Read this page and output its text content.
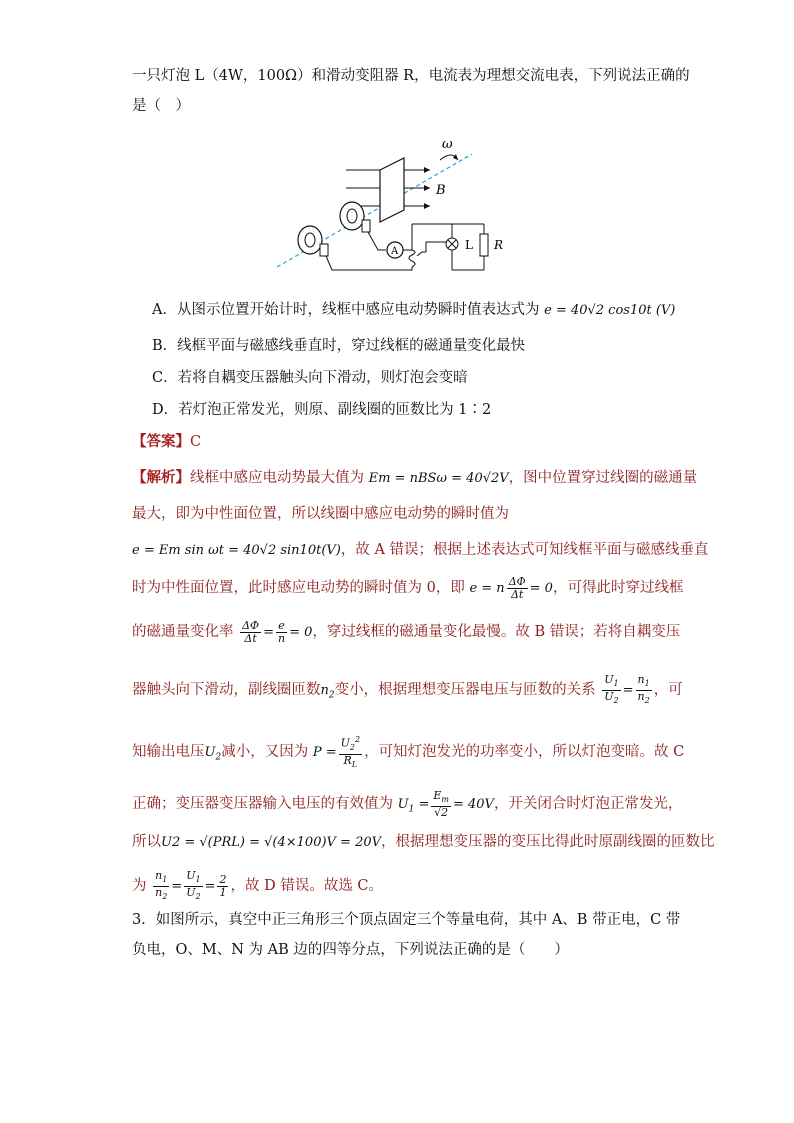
一只灯泡 L（4W，100Ω）和滑动变阻器 R，电流表为理想交流电表，下列说法正确的
是（　）
ω
B
A	L R
A．从图示位置开始计时，线框中感应电动势瞬时值表达式为 e = 40√2 cos10t (V)
B．线框平面与磁感线垂直时，穿过线框的磁通量变化最快
C．若将自耦变压器触头向下滑动，则灯泡会变暗
D．若灯泡正常发光，则原、副线圈的匝数比为 1∶2
【答案】C
【解析】线框中感应电动势最大值为 Em = nBSω = 40√2V，图中位置穿过线圈的磁通量
最大，即为中性面位置，所以线圈中感应电动势的瞬时值为
e = Em sin ωt = 40√2 sin10t(V)，故 A 错误；根据上述表达式可知线框平面与磁感线垂直
时为中性面位置，此时感应电动势的瞬时值为 0，即 e = n $\frac{\Delta\Phi}{\Delta t} = 0$，可得此时穿过线框
的磁通量变化率 $\frac{\Delta\Phi}{\Delta t} = \frac{e}{n} = 0$，穿过线框的磁通量变化最慢。故 B 错误；若将自耦变压
器触头向下滑动，副线圈匝数$n_2$变小，根据理想变压器电压与匝数的关系 $\frac{U_1}{U_2} = \frac{n_1}{n_2}$ ，可
知输出电压$U_2$减小，又因为 $P = \frac{U_2^2}{R_L}$ ，可知灯泡发光的功率变小，所以灯泡变暗。故 C
正确；变压器变压器输入电压的有效值为 $U_1 = \frac{E_m}{√2} = 40V$，开关闭合时灯泡正常发光，
所以U2 = √(PRL) = √(4×100)V = 20V，根据理想变压器的变压比得此时原副线圈的匝数比
为 $\frac{n_1}{n_2} = \frac{U_1}{U_2} = \frac{2}{1}$ ，故 D 错误。故选 C。
3．如图所示，真空中正三角形三个顶点固定三个等量电荷，其中 A、B 带正电，C 带
负电，O、M、N 为 AB 边的四等分点，下列说法正确的是（　　）
